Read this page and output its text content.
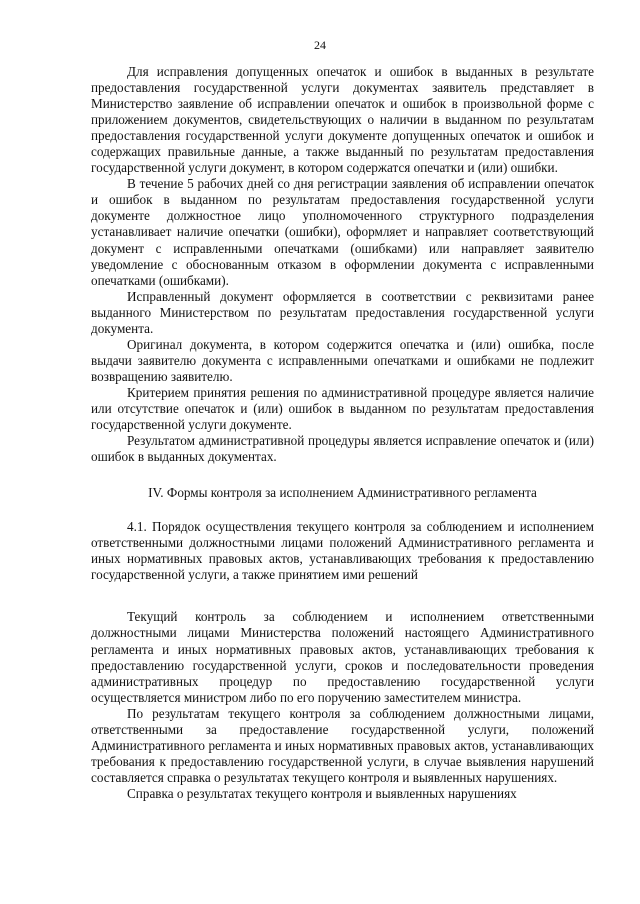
24

Для исправления допущенных опечаток и ошибок в выданных в результате предоставления государственной услуги документах заявитель представляет в Министерство заявление об исправлении опечаток и ошибок в произвольной форме с приложением документов, свидетельствующих о наличии в выданном по результатам предоставления государственной услуги документе допущенных опечаток и ошибок и содержащих правильные данные, а также выданный по результатам предоставления государственной услуги документ, в котором содержатся опечатки и (или) ошибки.

В течение 5 рабочих дней со дня регистрации заявления об исправлении опечаток и ошибок в выданном по результатам предоставления государственной услуги документе должностное лицо уполномоченного структурного подразделения устанавливает наличие опечатки (ошибки), оформляет и направляет соответствующий документ с исправленными опечатками (ошибками) или направляет заявителю уведомление с обоснованным отказом в оформлении документа с исправленными опечатками (ошибками).

Исправленный документ оформляется в соответствии с реквизитами ранее выданного Министерством по результатам предоставления государственной услуги документа.

Оригинал документа, в котором содержится опечатка и (или) ошибка, после выдачи заявителю документа с исправленными опечатками и ошибками не подлежит возвращению заявителю.

Критерием принятия решения по административной процедуре является наличие или отсутствие опечаток и (или) ошибок в выданном по результатам предоставления государственной услуги документе.

Результатом административной процедуры является исправление опечаток и (или) ошибок в выданных документах.

IV. Формы контроля за исполнением Административного регламента

4.1. Порядок осуществления текущего контроля за соблюдением и исполнением ответственными должностными лицами положений Административного регламента и иных нормативных правовых актов, устанавливающих требования к предоставлению государственной услуги, а также принятием ими решений

Текущий контроль за соблюдением и исполнением ответственными должностными лицами Министерства положений настоящего Административного регламента и иных нормативных правовых актов, устанавливающих требования к предоставлению государственной услуги, сроков и последовательности проведения административных процедур по предоставлению государственной услуги осуществляется министром либо по его поручению заместителем министра.

По результатам текущего контроля за соблюдением должностными лицами, ответственными за предоставление государственной услуги, положений Административного регламента и иных нормативных правовых актов, устанавливающих требования к предоставлению государственной услуги, в случае выявления нарушений составляется справка о результатах текущего контроля и выявленных нарушениях.

Справка о результатах текущего контроля и выявленных нарушениях
